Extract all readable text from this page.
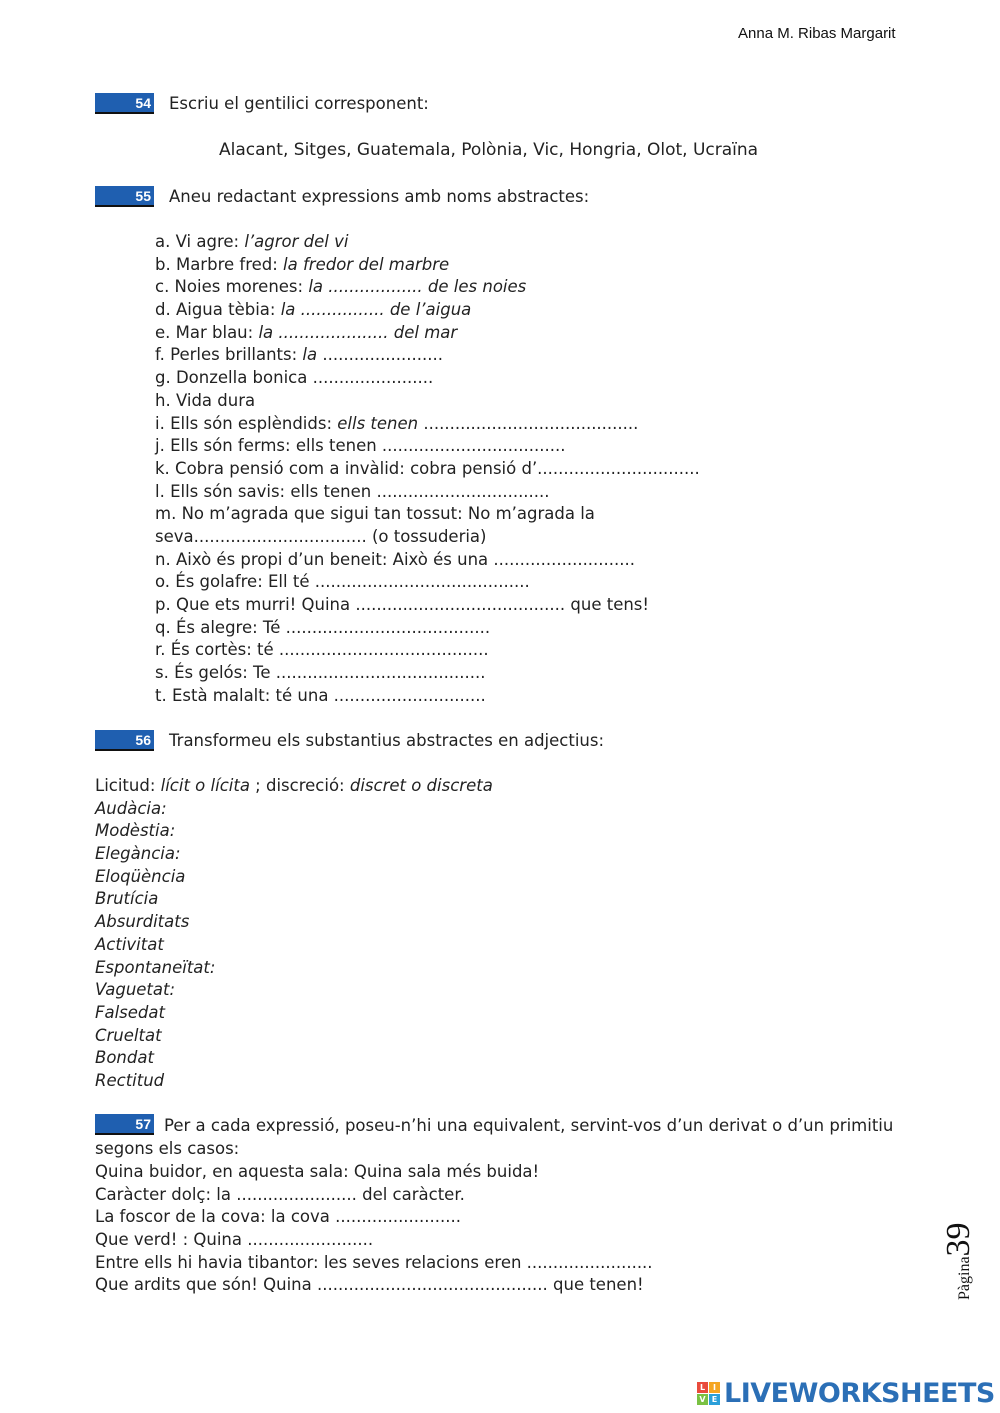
Anna M. Ribas Margarit
54 Escriu el gentilici corresponent:
Alacant, Sitges, Guatemala, Polònia, Vic, Hongria, Olot, Ucraïna
55 Aneu redactant expressions amb noms abstractes:
a. Vi agre: l’agror del vi
b. Marbre fred: la fredor del marbre
c. Noies morenes: la .................. de les noies
d. Aigua tèbia: la ................ de l’aigua
e. Mar blau: la ..................... del mar
f. Perles brillants: la .......................
g. Donzella bonica .......................
h. Vida dura
i. Ells són esplèndids: ells tenen .........................................
j. Ells són ferms: ells tenen ...................................
k. Cobra pensió com a invàlid: cobra pensió d’...............................
l. Ells són savis: ells tenen .................................
m. No m’agrada que sigui tan tossut: No m’agrada la
seva................................. (o tossuderia)
n. Això és propi d’un beneit: Això és una ...........................
o. És golafre: Ell té .........................................
p. Que ets murri! Quina ........................................ que tens!
q. És alegre: Té .......................................
r. És cortès: té ........................................
s. És gelós: Te ........................................
t. Està malalt: té una .............................
56 Transformeu els substantius abstractes en adjectius:
Licitud: lícit o lícita ; discreció: discret o discreta
Audàcia:
Modèstia:
Elegància:
Eloqüència
Brutícia
Absurditats
Activitat
Espontaneïtat:
Vaguetat:
Falsedat
Crueltat
Bondat
Rectitud
57 Per a cada expressió, poseu-n’hi una equivalent, servint-vos d’un derivat o d’un primitiu segons els casos:
Quina buidor, en aquesta sala: Quina sala més buida!
Caràcter dolç: la ....................... del caràcter.
La foscor de la cova: la cova ........................
Que verd! : Quina ........................
Entre ells hi havia tibantor: les seves relacions eren ........................
Que ardits que són! Quina ............................................ que tenen!	Pàgina39
L I
V E LIVEWORKSHEETS
